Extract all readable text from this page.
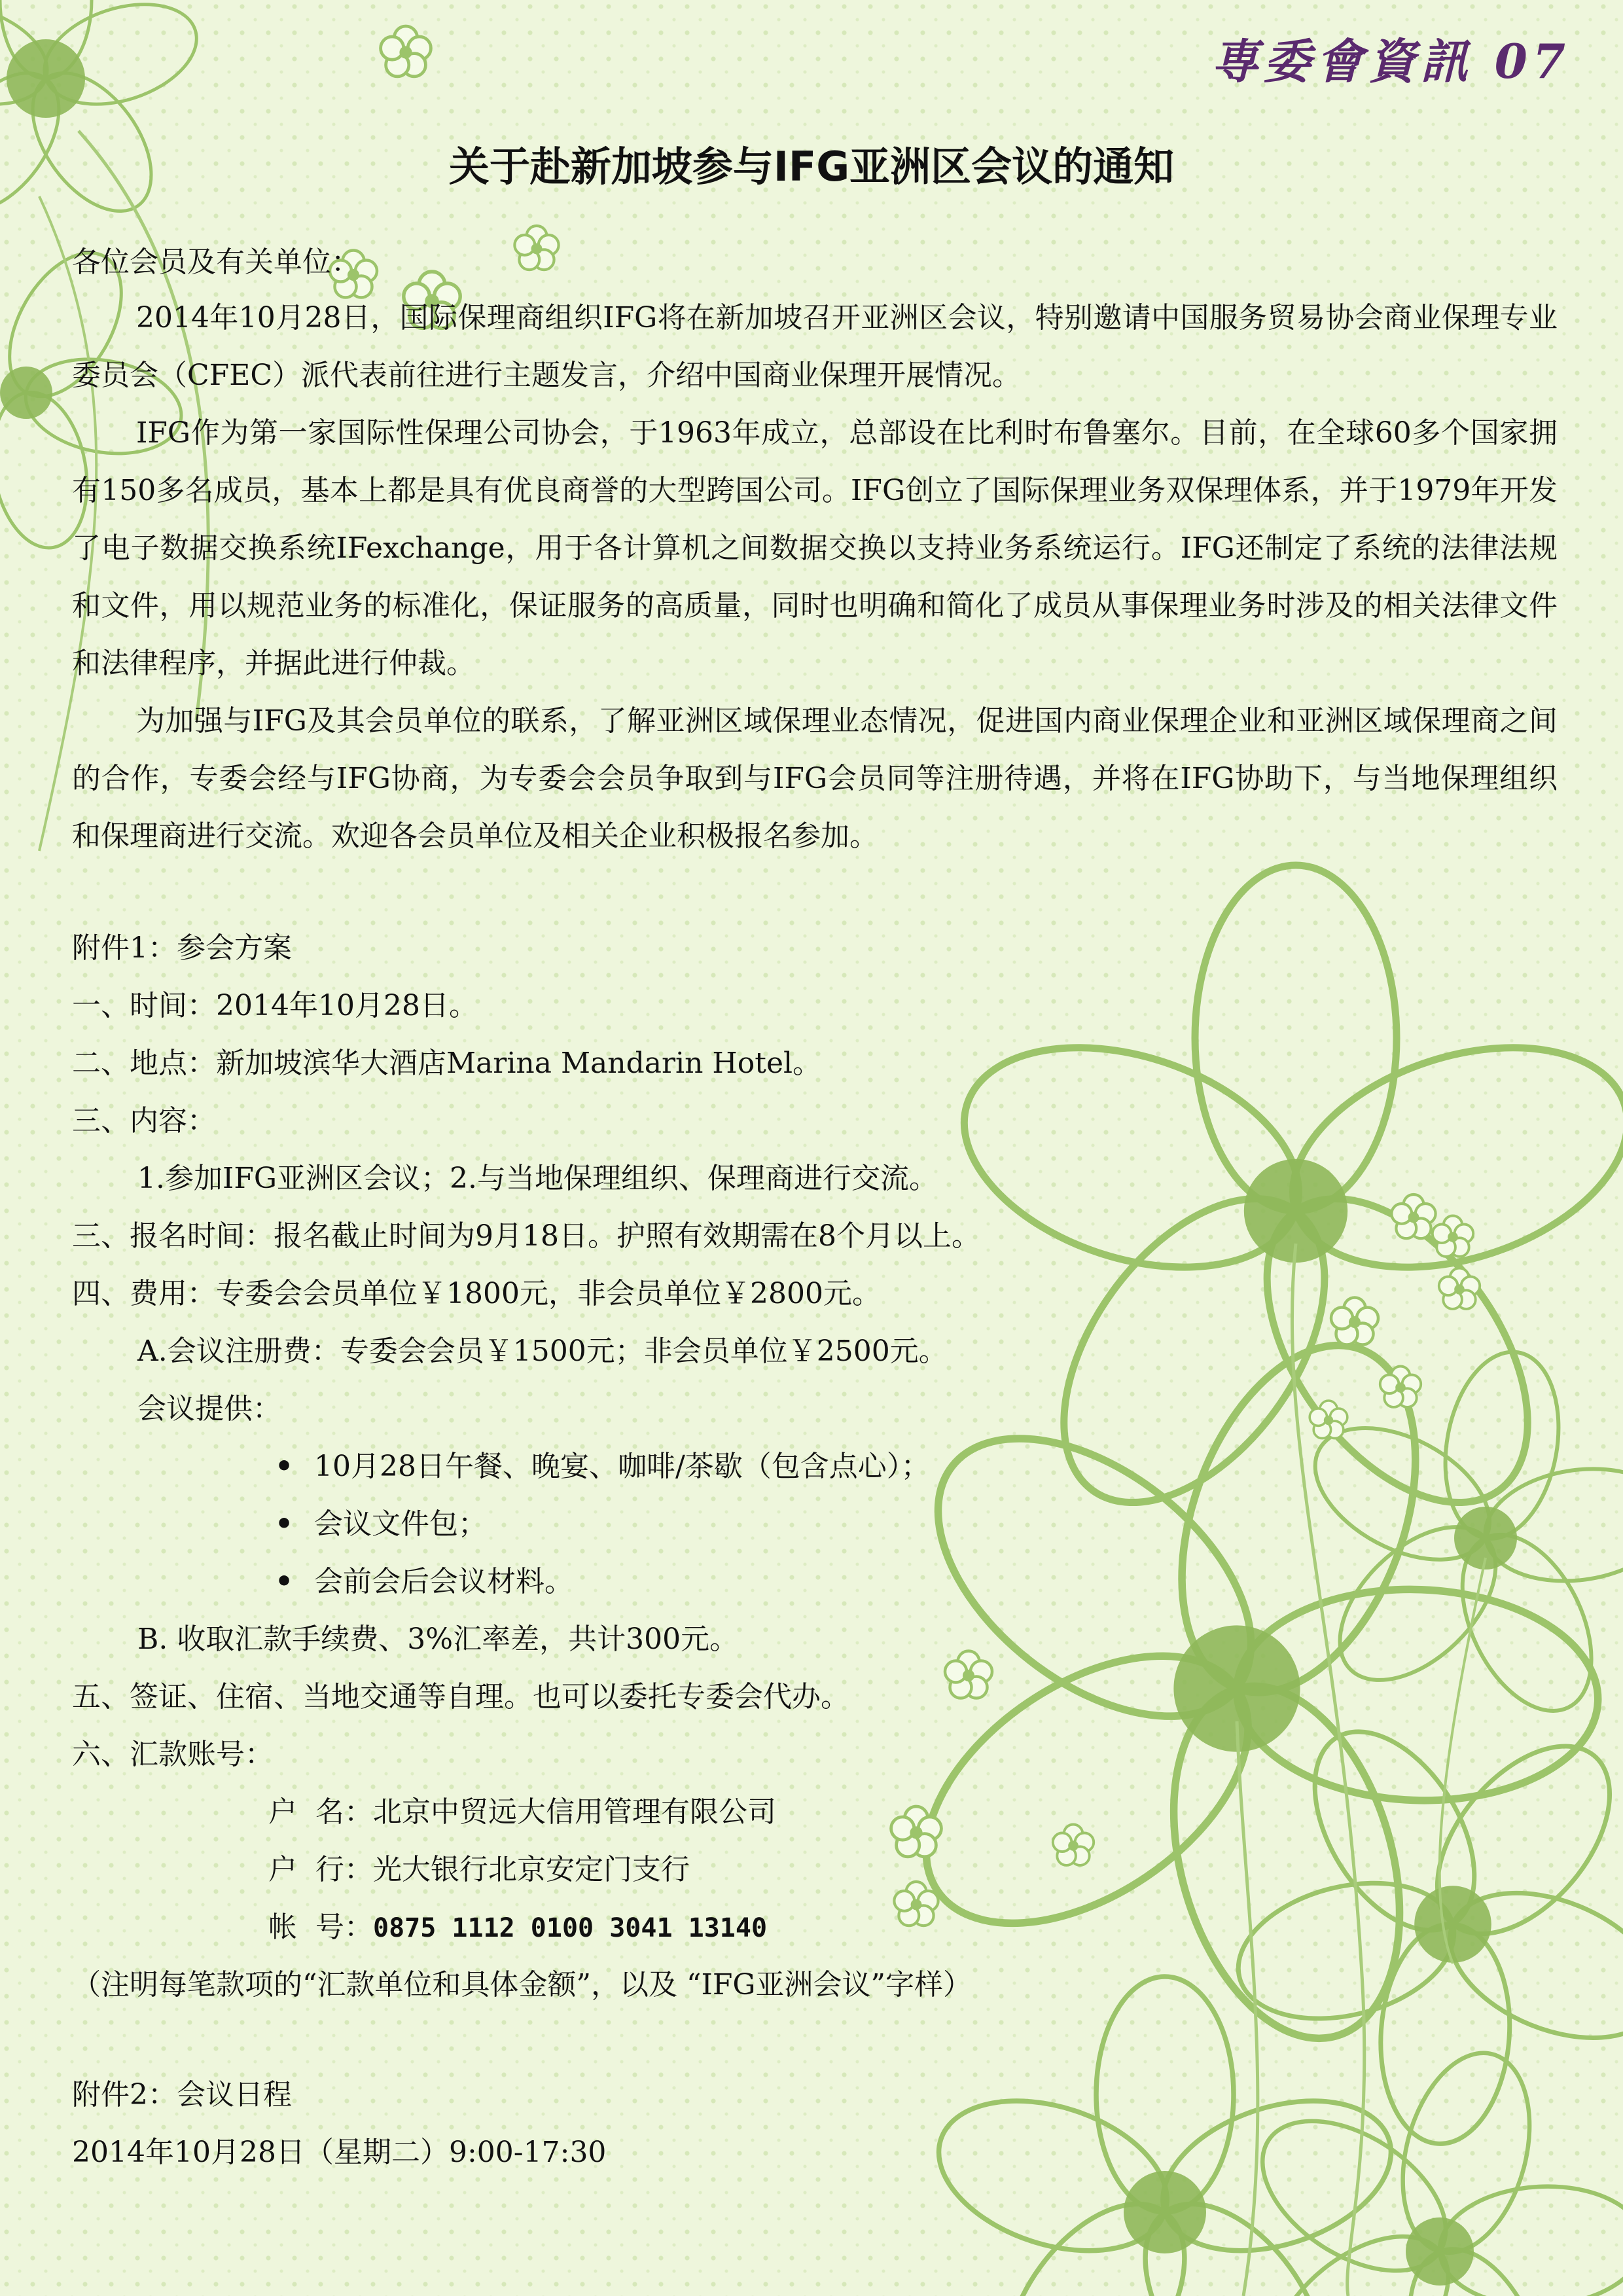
専委會資訊 07
关于赴新加坡参与IFG亚洲区会议的通知
各位会员及有关单位：

2014年10月28日，国际保理商组织IFG将在新加坡召开亚洲区会议，特别邀请中国服务贸易协会商业保理专业委员会（CFEC）派代表前往进行主题发言，介绍中国商业保理开展情况。

IFG作为第一家国际性保理公司协会，于1963年成立，总部设在比利时布鲁塞尔。目前，在全球60多个国家拥有150多名成员，基本上都是具有优良商誉的大型跨国公司。IFG创立了国际保理业务双保理体系，并于1979年开发了电子数据交换系统IFexchange，用于各计算机之间数据交换以支持业务系统运行。IFG还制定了系统的法律法规和文件，用以规范业务的标准化，保证服务的高质量，同时也明确和简化了成员从事保理业务时涉及的相关法律文件和法律程序，并据此进行仲裁。

为加强与IFG及其会员单位的联系，了解亚洲区域保理业态情况，促进国内商业保理企业和亚洲区域保理商之间的合作，专委会经与IFG协商，为专委会会员争取到与IFG会员同等注册待遇，并将在IFG协助下，与当地保理组织和保理商进行交流。欢迎各会员单位及相关企业积极报名参加。

附件1：参会方案
一、时间：2014年10月28日。
二、地点：新加坡滨华大酒店Marina Mandarin Hotel。
三、内容：
1.参加IFG亚洲区会议；2.与当地保理组织、保理商进行交流。
三、报名时间：报名截止时间为9月18日。护照有效期需在8个月以上。
四、费用：专委会会员单位￥1800元，非会员单位￥2800元。
A.会议注册费：专委会会员￥1500元；非会员单位￥2500元。
会议提供：
• 10月28日午餐、晚宴、咖啡/茶歇（包含点心）；
• 会议文件包；
• 会前会后会议材料。
B. 收取汇款手续费、3%汇率差，共计300元。
五、签证、住宿、当地交通等自理。也可以委托专委会代办。
六、汇款账号：
户  名：北京中贸远大信用管理有限公司
户  行：光大银行北京安定门支行
帐  号：0875 1112 0100 3041 13140
（注明每笔款项的“汇款单位和具体金额”，以及 “IFG亚洲会议”字样）
附件2：会议日程
2014年10月28日（星期二）9:00-17:30
